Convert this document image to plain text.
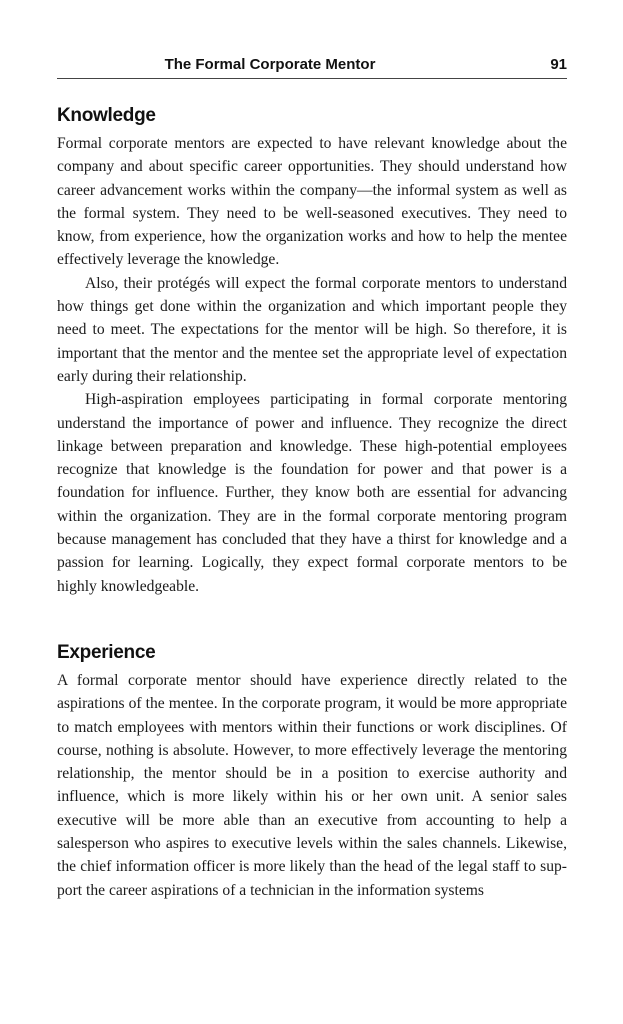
The Formal Corporate Mentor	91
Knowledge

Formal corporate mentors are expected to have relevant knowledge about the company and about specific career opportunities. They should understand how career advancement works within the company—the informal system as well as the formal system. They need to be well-seasoned executives. They need to know, from experience, how the organization works and how to help the mentee effectively leverage the knowledge.

Also, their protégés will expect the formal corporate mentors to understand how things get done within the organization and which important people they need to meet. The expectations for the mentor will be high. So therefore, it is important that the mentor and the mentee set the appropriate level of expectation early during their relationship.

High-aspiration employees participating in formal corporate mentoring understand the importance of power and influence. They recognize the direct linkage between preparation and knowledge. These high-potential employees recognize that knowledge is the foundation for power and that power is a foundation for influence. Further, they know both are essential for advancing within the organization. They are in the formal corporate mentoring program because management has concluded that they have a thirst for knowledge and a passion for learning. Logically, they expect formal corporate mentors to be highly knowledgeable.

Experience

A formal corporate mentor should have experience directly related to the aspirations of the mentee. In the corporate program, it would be more appropriate to match employees with mentors within their functions or work disciplines. Of course, nothing is absolute. However, to more effectively leverage the mentoring relationship, the mentor should be in a position to exercise authority and influence, which is more likely within his or her own unit. A senior sales executive will be more able than an executive from accounting to help a salesperson who aspires to executive levels within the sales channels. Likewise, the chief information officer is more likely than the head of the legal staff to support the career aspirations of a technician in the information systems
